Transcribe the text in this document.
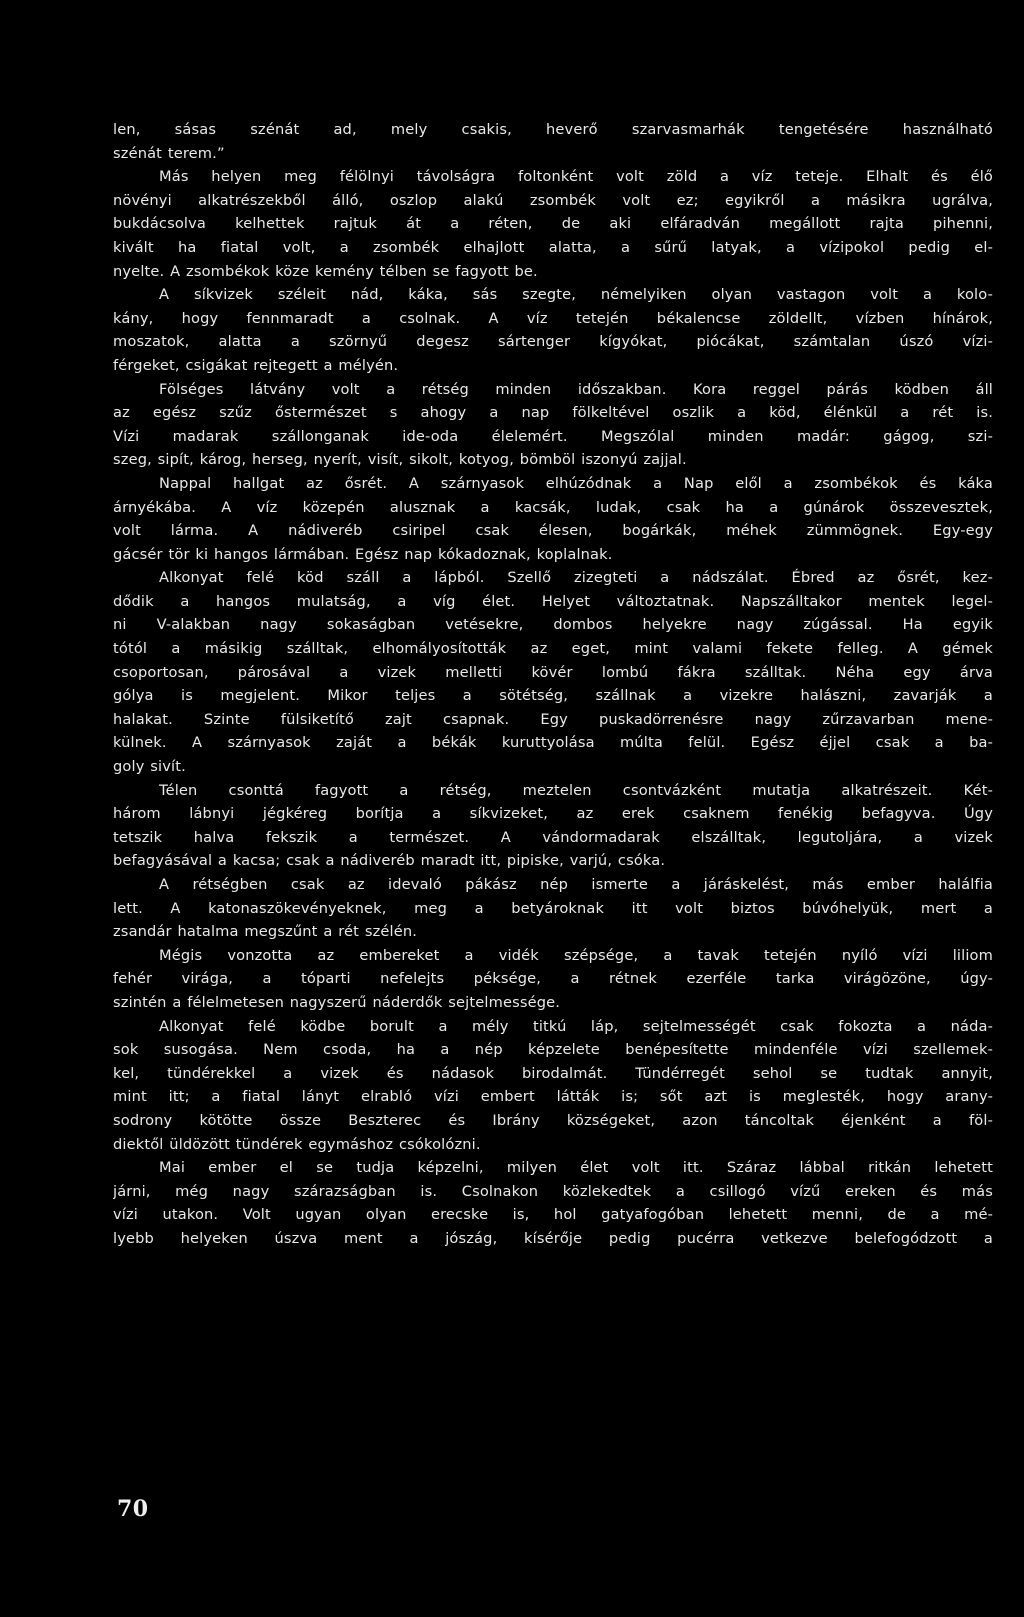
len, sásas szénát ad, mely csakis, heverő szarvasmarhák tengetésére használható
szénát terem.”
Más helyen meg félölnyi távolságra foltonként volt zöld a víz teteje. Elhalt és élő
növényi alkatrészekből álló, oszlop alakú zsombék volt ez; egyikről a másikra ugrálva,
bukdácsolva kelhettek rajtuk át a réten, de aki elfáradván megállott rajta pihenni,
kivált ha fiatal volt, a zsombék elhajlott alatta, a sűrű latyak, a vízipokol pedig el-
nyelte. A zsombékok köze kemény télben se fagyott be.
A síkvizek széleit nád, káka, sás szegte, némelyiken olyan vastagon volt a kolo-
kány, hogy fennmaradt a csolnak. A víz tetején békalencse zöldellt, vízben hínárok,
moszatok, alatta a szörnyű degesz sártenger kígyókat, piócákat, számtalan úszó vízi-
férgeket, csigákat rejtegett a mélyén.
Fölséges látvány volt a rétség minden időszakban. Kora reggel párás ködben áll
az egész szűz őstermészet s ahogy a nap fölkeltével oszlik a köd, élénkül a rét is.
Vízi madarak szállonganak ide-oda élelemért. Megszólal minden madár: gágog, szi-
szeg, sipít, károg, herseg, nyerít, visít, sikolt, kotyog, bömböl iszonyú zajjal.
Nappal hallgat az ősrét. A szárnyasok elhúzódnak a Nap elől a zsombékok és káka
árnyékába. A víz közepén alusznak a kacsák, ludak, csak ha a gúnárok összevesztek,
volt lárma. A nádiveréb csiripel csak élesen, bogárkák, méhek zümmögnek. Egy-egy
gácsér tör ki hangos lármában. Egész nap kókadoznak, koplalnak.
Alkonyat felé köd száll a lápból. Szellő zizegteti a nádszálat. Ébred az ősrét, kez-
dődik a hangos mulatság, a víg élet. Helyet változtatnak. Napszálltakor mentek legel-
ni V-alakban nagy sokaságban vetésekre, dombos helyekre nagy zúgással. Ha egyik
tótól a másikig szálltak, elhomályosították az eget, mint valami fekete felleg. A gémek
csoportosan, párosával a vizek melletti kövér lombú fákra szálltak. Néha egy árva
gólya is megjelent. Mikor teljes a sötétség, szállnak a vizekre halászni, zavarják a
halakat. Szinte fülsiketítő zajt csapnak. Egy puskadörrenésre nagy zűrzavarban mene-
külnek. A szárnyasok zaját a békák kuruttyolása múlta felül. Egész éjjel csak a ba-
goly sivít.
Télen csonttá fagyott a rétség, meztelen csontvázként mutatja alkatrészeit. Két-
három lábnyi jégkéreg borítja a síkvizeket, az erek csaknem fenékig befagyva. Úgy
tetszik halva fekszik a természet. A vándormadarak elszálltak, legutoljára, a vizek
befagyásával a kacsa; csak a nádiveréb maradt itt, pipiske, varjú, csóka.
A rétségben csak az idevaló pákász nép ismerte a járáskelést, más ember halálfia
lett. A katonaszökevényeknek, meg a betyároknak itt volt biztos búvóhelyük, mert a
zsandár hatalma megszűnt a rét szélén.
Mégis vonzotta az embereket a vidék szépsége, a tavak tetején nyíló vízi liliom
fehér virága, a tóparti nefelejts péksége, a rétnek ezerféle tarka virágözöne, úgy-
szintén a félelmetesen nagyszerű náderdők sejtelmessége.
Alkonyat felé ködbe borult a mély titkú láp, sejtelmességét csak fokozta a náda-
sok susogása. Nem csoda, ha a nép képzelete benépesítette mindenféle vízi szellemek-
kel, tündérekkel a vizek és nádasok birodalmát. Tündérregét sehol se tudtak annyit,
mint itt; a fiatal lányt elrabló vízi embert látták is; sőt azt is meglesték, hogy arany-
sodrony kötötte össze Beszterec és Ibrány községeket, azon táncoltak éjenként a föl-
diektől üldözött tündérek egymáshoz csókolózni.
Mai ember el se tudja képzelni, milyen élet volt itt. Száraz lábbal ritkán lehetett
járni, még nagy szárazságban is. Csolnakon közlekedtek a csillogó vízű ereken és más
vízi utakon. Volt ugyan olyan erecske is, hol gatyafogóban lehetett menni, de a mé-
lyebb helyeken úszva ment a jószág, kísérője pedig pucérra vetkezve belefogódzott a
70
